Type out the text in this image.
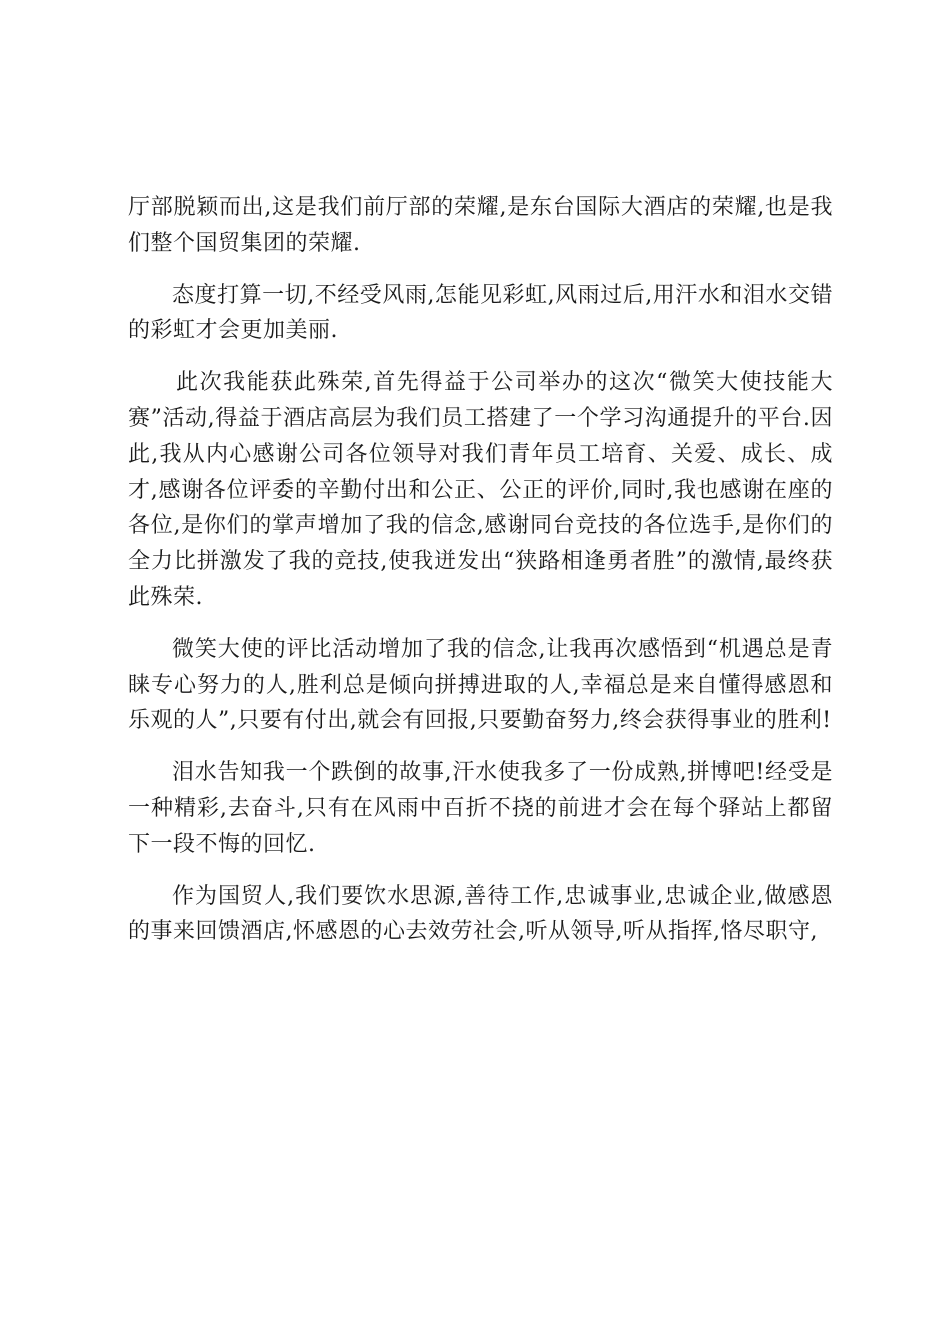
厅部脱颖而出,这是我们前厅部的荣耀,是东台国际大酒店的荣耀,也是我们整个国贸集团的荣耀.

态度打算一切,不经受风雨,怎能见彩虹,风雨过后,用汗水和泪水交错的彩虹才会更加美丽.

此次我能获此殊荣,首先得益于公司举办的这次“微笑大使技能大赛”活动,得益于酒店高层为我们员工搭建了一个学习沟通提升的平台.因此,我从内心感谢公司各位领导对我们青年员工培育、关爱、成长、成才,感谢各位评委的辛勤付出和公正、公正的评价,同时,我也感谢在座的各位,是你们的掌声增加了我的信念,感谢同台竞技的各位选手,是你们的全力比拼激发了我的竞技,使我迸发出“狭路相逢勇者胜”的激情,最终获此殊荣.

微笑大使的评比活动增加了我的信念,让我再次感悟到“机遇总是青睐专心努力的人,胜利总是倾向拼搏进取的人,幸福总是来自懂得感恩和乐观的人”,只要有付出,就会有回报,只要勤奋努力,终会获得事业的胜利!

泪水告知我一个跌倒的故事,汗水使我多了一份成熟,拼博吧!经受是一种精彩,去奋斗,只有在风雨中百折不挠的前进才会在每个驿站上都留下一段不悔的回忆.

作为国贸人,我们要饮水思源,善待工作,忠诚事业,忠诚企业,做感恩的事来回馈酒店,怀感恩的心去效劳社会,听从领导,听从指挥,恪尽职守,
